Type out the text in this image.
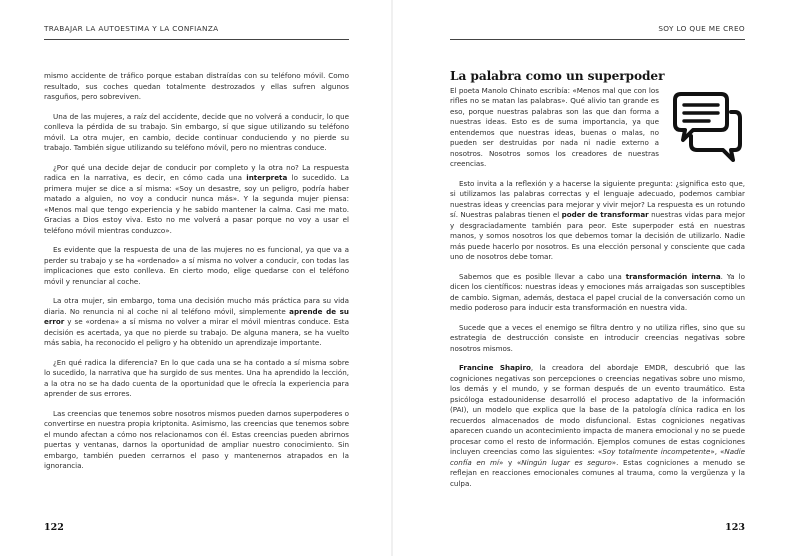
TRABAJAR LA AUTOESTIMA Y LA CONFIANZA

mismo accidente de tráfico porque estaban distraídas con su teléfono móvil. Como resultado, sus coches quedan totalmente destrozados y ellas sufren algunos rasguños, pero sobreviven.

Una de las mujeres, a raíz del accidente, decide que no volverá a conducir, lo que conlleva la pérdida de su trabajo. Sin embargo, sí que sigue utilizando su teléfono móvil. La otra mujer, en cambio, decide continuar conduciendo y no pierde su trabajo. También sigue utilizando su teléfono móvil, pero no mientras conduce.

¿Por qué una decide dejar de conducir por completo y la otra no? La respuesta radica en la narrativa, es decir, en cómo cada una interpreta lo sucedido. La primera mujer se dice a sí misma: «Soy un desastre, soy un peligro, podría haber matado a alguien, no voy a conducir nunca más». Y la segunda mujer piensa: «Menos mal que tengo experiencia y he sabido mantener la calma. Casi me mato. Gracias a Dios estoy viva. Esto no me volverá a pasar porque no voy a usar el teléfono móvil mientras conduzco».

Es evidente que la respuesta de una de las mujeres no es funcional, ya que va a perder su trabajo y se ha «ordenado» a sí misma no volver a conducir, con todas las implicaciones que esto conlleva. En cierto modo, elige quedarse con el teléfono móvil y renunciar al coche.

La otra mujer, sin embargo, toma una decisión mucho más práctica para su vida diaria. No renuncia ni al coche ni al teléfono móvil, simplemente aprende de su error y se «ordena» a sí misma no volver a mirar el móvil mientras conduce. Esta decisión es acertada, ya que no pierde su trabajo. De alguna manera, se ha vuelto más sabia, ha reconocido el peligro y ha obtenido un aprendizaje importante.

¿En qué radica la diferencia? En lo que cada una se ha contado a sí misma sobre lo sucedido, la narrativa que ha surgido de sus mentes. Una ha aprendido la lección, a la otra no se ha dado cuenta de la oportunidad que le ofrecía la experiencia para aprender de sus errores.

Las creencias que tenemos sobre nosotros mismos pueden darnos superpoderes o convertirse en nuestra propia kriptonita. Asimismo, las creencias que tenemos sobre el mundo afectan a cómo nos relacionamos con él. Estas creencias pueden abrirnos puertas y ventanas, darnos la oportunidad de ampliar nuestro conocimiento. Sin embargo, también pueden cerrarnos el paso y mantenernos atrapados en la ignorancia.

122
SOY LO QUE ME CREO
La palabra como un superpoder

El poeta Manolo Chinato escribía: «Menos mal que con los rifles no se matan las palabras». Qué alivio tan grande es eso, porque nuestras palabras son las que dan forma a nuestras ideas. Esto es de suma importancia, ya que entendemos que nuestras ideas, buenas o malas, no pueden ser destruidas por nada ni nadie externo a nosotros. Nosotros somos los creadores de nuestras creencias.

Esto invita a la reflexión y a hacerse la siguiente pregunta: ¿significa esto que, si utilizamos las palabras correctas y el lenguaje adecuado, podemos cambiar nuestras ideas y creencias para mejorar y vivir mejor? La respuesta es un rotundo sí. Nuestras palabras tienen el poder de transformar nuestras vidas para mejor y desgraciadamente también para peor. Este superpoder está en nuestras manos, y somos nosotros los que debemos tomar la decisión de utilizarlo. Nadie más puede hacerlo por nosotros. Es una elección personal y consciente que cada uno de nosotros debe tomar.

Sabemos que es posible llevar a cabo una transformación interna. Ya lo dicen los científicos: nuestras ideas y emociones más arraigadas son susceptibles de cambio. Sigman, además, destaca el papel crucial de la conversación como un medio poderoso para inducir esta transformación en nuestra vida.

Sucede que a veces el enemigo se filtra dentro y no utiliza rifles, sino que su estrategia de destrucción consiste en introducir creencias negativas sobre nosotros mismos.

Francine Shapiro, la creadora del abordaje EMDR, descubrió que las cogniciones negativas son percepciones o creencias negativas sobre uno mismo, los demás y el mundo, y se forman después de un evento traumático. Esta psicóloga estadounidense desarrolló el proceso adaptativo de la información (PAI), un modelo que explica que la base de la patología clínica radica en los recuerdos almacenados de modo disfuncional. Estas cogniciones negativas aparecen cuando un acontecimiento impacta de manera emocional y no se puede procesar como el resto de información. Ejemplos comunes de estas cogniciones incluyen creencias como las siguientes: «Soy totalmente incompetente», «Nadie confía en mí» y «Ningún lugar es seguro». Estas cogniciones a menudo se reflejan en reacciones emocionales comunes al trauma, como la vergüenza y la culpa.

123
